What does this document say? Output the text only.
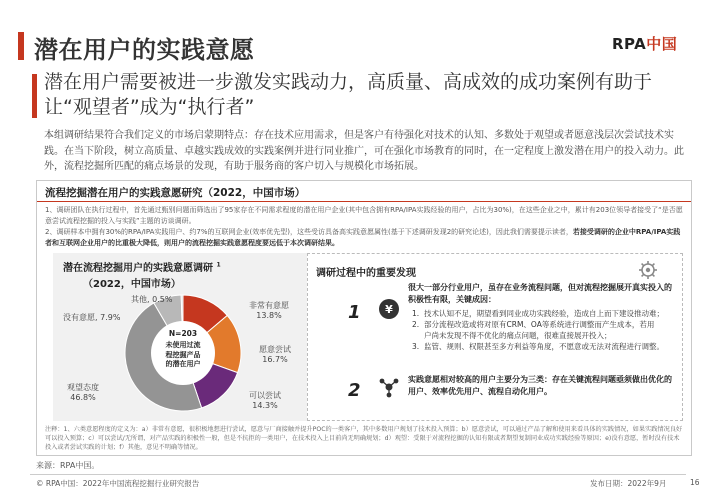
潜在用户的实践意愿	RPA中国
潜在用户需要被进一步激发实践动力，高质量、高成效的成功案例有助于让“观望者”成为“执行者”
本组调研结果符合我们定义的市场启蒙期特点：存在技术应用需求，但是客户有待强化对技术的认知、多数处于观望或者愿意浅层次尝试技术实践。在当下阶段，树立高质量、卓越实践成效的实践案例并进行同业推广，可在强化市场教育的同时，在一定程度上激发潜在用户的投入动力。此外，流程挖掘所匹配的痛点场景的发现，有助于服务商的客户切入与规模化市场拓展。
流程挖掘潜在用户的实践意愿研究（2022，中国市场）
1、调研团队在执行过程中，首先通过甄别问题而筛选出了95家存在不同需求程度的潜在用户企业(其中包含拥有RPA/IPA实践经验的用户，占比为30%)，在这些企业之中，累计有203位领导者接受了“是否愿意尝试流程挖掘的投入与实践”主题的访谈调研。
2、调研样本中拥有30%的RPA/IPA实践用户、约7%的互联网企业(效率优先型)，这些受访具备高实践意愿属性(基于下述调研发现2的研究论述)，因此我们需要提示读者，若接受调研的企业中RPA/IPA实践者和互联网企业用户的比重极大降低，则用户的流程挖掘实践意愿程度要远低于本次调研结果。
潜在流程挖掘用户的实践意愿调研 $^1$
（2022，中国市场）
N=203
未使用过流程挖掘产品的潜在用户
非常有意愿
13.8%
愿意尝试
16.7%
可以尝试
14.3%
观望态度
46.8%
没有意愿, 7.9%
其他, 0.5%
调研过程中的重要发现
1 ¥
很大一部分行业用户，虽存在业务流程问题，但对流程挖掘展开真实投入的积极性有限，关键成因：
1. 技术认知不足，期望看到同业成功实践经验，造成自上而下建设推动难；
2. 部分流程改造或将对原有CRM、OA等系统进行调整而产生成本，若用
户尚未发现不得不优化的痛点问题，很难直接展开投入；
3. 监管、规则、权限甚至多方利益等角度，不愿意或无法对流程进行调整。
2
实践意愿相对较高的用户主要分为三类：存在关键流程问题亟须做出优化的用户、效率优先用户、流程自动化用户。
注释：1、六类意愿程度的定义为：a）非常有意愿，很积极地想进行尝试，愿意与厂商接触并提升POC的一类客户，其中多数用户规划了技术投入预算；b）愿意尝试，可以通过产品了解和使用来看具体的实践情况，如果实践情况良好可以投入预算；c）可以尝试/无所谓，对产品实践的积极性一般，但是不抗拒的一类用户，在技术投入上目前尚无明确规划；d）观望：受限于对流程挖掘的认知有限或者期望复制同业成功实践经验等原因；e)没有意愿，暂时没有技术投入或者尝试实践的计划；f）其他，意见不明确等情况。
来源：RPA中国。
© RPA中国：2022年中国流程挖掘行业研究报告	发布日期：2022年9月	16
